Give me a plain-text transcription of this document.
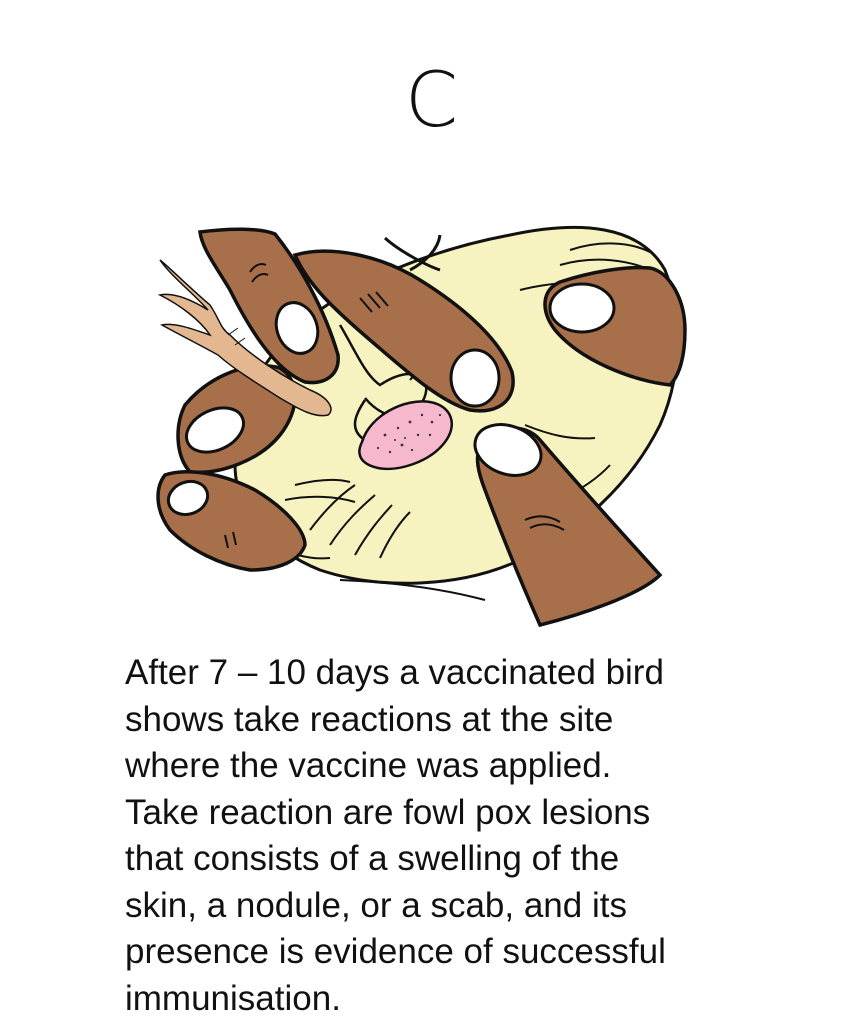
C
After 7 – 10 days a vaccinated bird
shows take reactions at the site
where the vaccine was applied.
Take reaction are fowl pox lesions
that consists of a swelling of the
skin, a nodule, or a scab, and its
presence is evidence of successful
immunisation.
